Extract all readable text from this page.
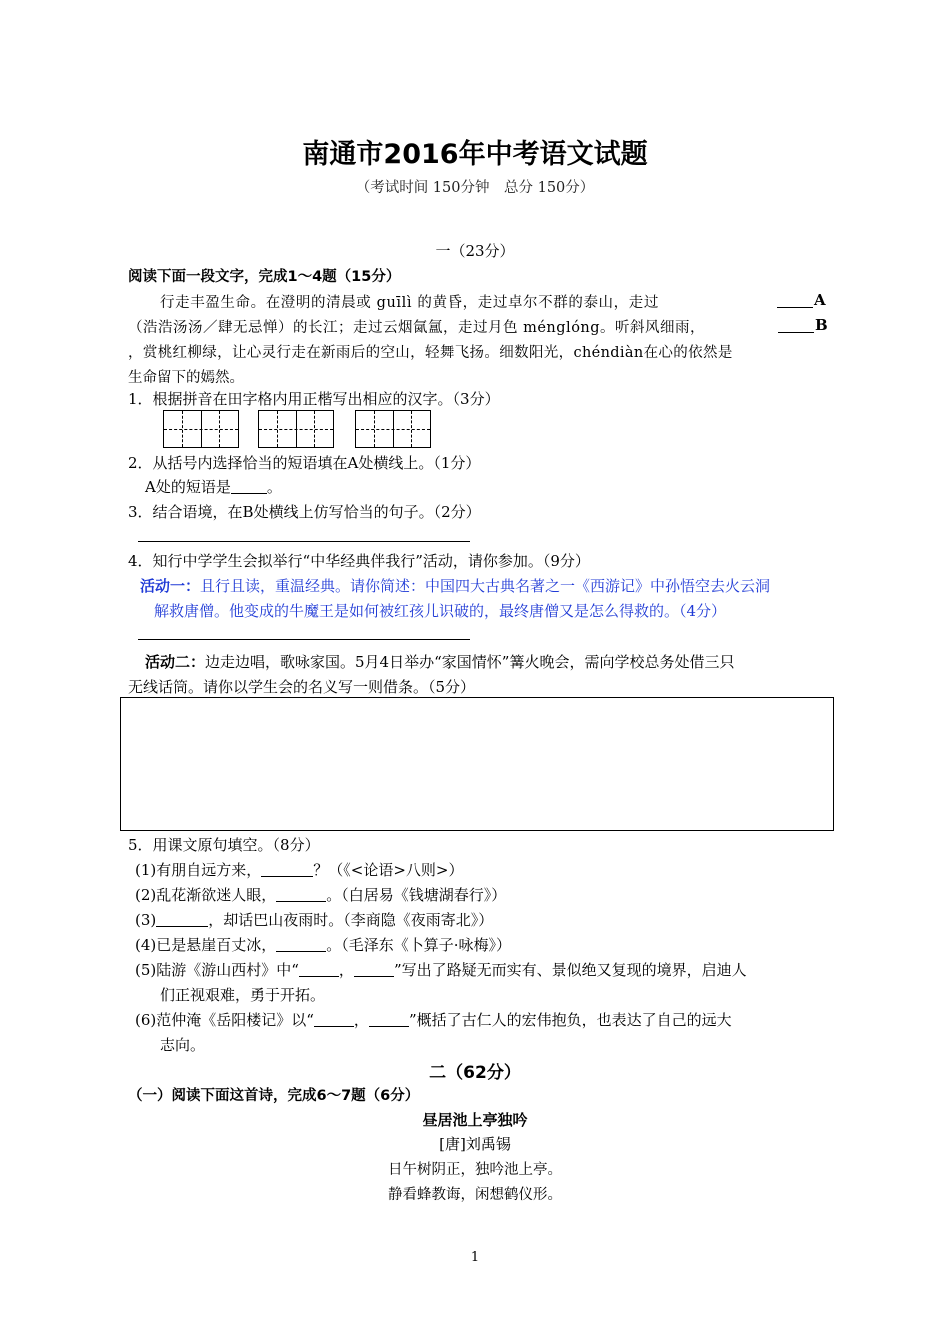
南通市2016年中考语文试题
（考试时间 150分钟　总分 150分）
一（23分）
阅读下面一段文字，完成1～4题（15分）
行走丰盈生命。在澄明的清晨或 guīlì 的黄昏，走过卓尔不群的泰山，走过	A
（浩浩汤汤／肆无忌惮）的长江；走过云烟氤氲，走过月色 ménglóng。听斜风细雨，	B
，赏桃红柳绿，让心灵行走在新雨后的空山，轻舞飞扬。细数阳光，chéndiàn在心的依然是
生命留下的嫣然。
1．根据拼音在田字格内用正楷写出相应的汉字。（3分）
2．从括号内选择恰当的短语填在A处横线上。（1分）
A处的短语是 。
3．结合语境，在B处横线上仿写恰当的句子。（2分）
4．知行中学学生会拟举行“中华经典伴我行”活动，请你参加。（9分）
活动一：且行且读，重温经典。请你简述：中国四大古典名著之一《西游记》中孙悟空去火云洞
解救唐僧。他变成的牛魔王是如何被红孩儿识破的，最终唐僧又是怎么得救的。（4分）
活动二：边走边唱，歌咏家国。5月4日举办“家国情怀”篝火晚会，需向学校总务处借三只
无线话筒。请你以学生会的名义写一则借条。（5分）
5．用课文原句填空。（8分）
(1)有朋自远方来，	？（《<论语>八则>）
(2)乱花渐欲迷人眼，	。（白居易《钱塘湖春行》）
(3)	，却话巴山夜雨时。（李商隐《夜雨寄北》）
(4)已是悬崖百丈冰，	。（毛泽东《卜算子·咏梅》）
(5)陆游《游山西村》中“	，	”写出了路疑无而实有、景似绝又复现的境界，启迪人
们正视艰难，勇于开拓。
(6)范仲淹《岳阳楼记》以“	，	”概括了古仁人的宏伟抱负，也表达了自己的远大
志向。
二（62分）
（一）阅读下面这首诗，完成6～7题（6分）
昼居池上亭独吟
[唐]刘禹锡
日午树阴正，独吟池上亭。
静看蜂教诲，闲想鹤仪形。
1
